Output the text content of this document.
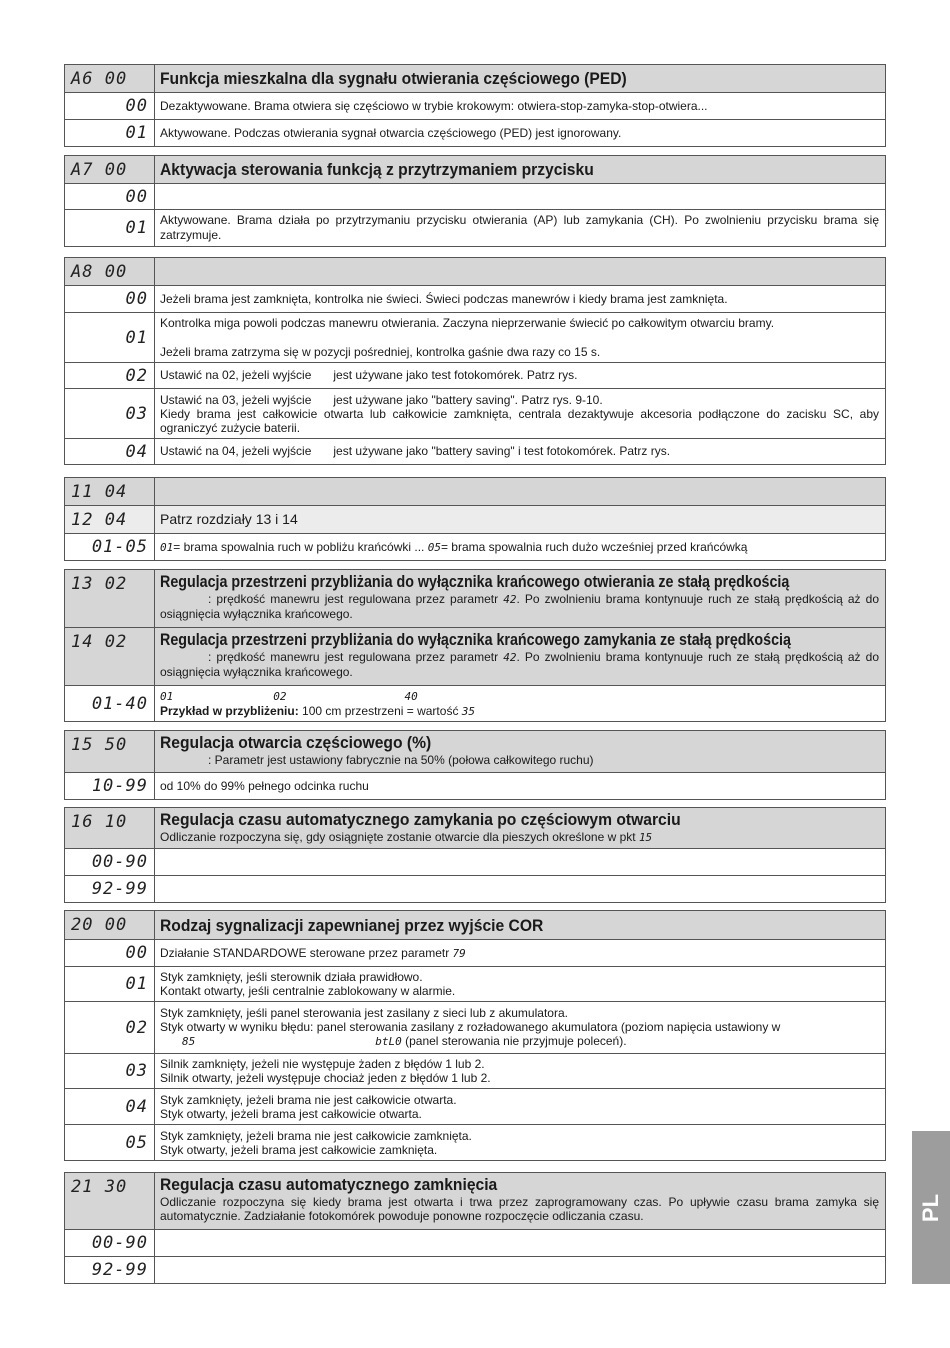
A6 00	Funkcja mieszkalna dla sygnału otwierania częściowego (PED)

00	Dezaktywowane. Brama otwiera się częściowo w trybie krokowym: otwiera-stop-zamyka-stop-otwiera...
01	Aktywowane. Podczas otwierania sygnał otwarcia częściowego (PED) jest ignorowany.
A7 00	Aktywacja sterowania funkcją z przytrzymaniem przycisku

00	
01	Aktywowane. Brama działa po przytrzymaniu przycisku otwierania (AP) lub zamykania (CH). Po zwolnieniu przycisku brama się zatrzymuje.
A8 00	

00	Jeżeli brama jest zamknięta, kontrolka nie świeci. Świeci podczas manewrów i kiedy brama jest zamknięta.
01	Kontrolka miga powoli podczas manewru otwierania. Zaczyna nieprzerwanie świecić po całkowitym otwarciu bramy.
Jeżeli brama zatrzyma się w pozycji pośredniej, kontrolka gaśnie dwa razy co 15 s.

02	Ustawić na 02, jeżeli wyjście jest używane jako test fotokomórek. Patrz rys.
03	Ustawić na 03, jeżeli wyjście jest używane jako "battery saving". Patrz rys. 9-10.
Kiedy brama jest całkowicie otwarta lub całkowicie zamknięta, centrala dezaktywuje akcesoria podłączone do zacisku SC, aby ograniczyć zużycie baterii.

04	Ustawić na 04, jeżeli wyjście jest używane jako "battery saving" i test fotokomórek. Patrz rys.
11 04	
12 04	Patrz rozdziały 13 i 14
01-05	01= brama spowalnia ruch w pobliżu krańcówki ... 05= brama spowalnia ruch dużo wcześniej przed krańcówką
13 02	Regulacja przestrzeni przybliżania do wyłącznika krańcowego otwierania ze stałą prędkością
: prędkość manewru jest regulowana przez parametr 42. Po zwolnieniu brama kontynuuje ruch ze stałą prędkością aż do osiągnięcia wyłącznika krańcowego.

14 02	Regulacja przestrzeni przybliżania do wyłącznika krańcowego zamykania ze stałą prędkością
: prędkość manewru jest regulowana przez parametr 42. Po zwolnieniu brama kontynuuje ruch ze stałą prędkością aż do osiągnięcia wyłącznika krańcowego.

01-40	01 02 40
Przykład w przybliżeniu: 100 cm przestrzeni = wartość 35
15 50	Regulacja otwarcia częściowego (%)
: Parametr jest ustawiony fabrycznie na 50% (połowa całkowitego ruchu)

10-99	od 10% do 99% pełnego odcinka ruchu
16 10	Regulacja czasu automatycznego zamykania po częściowym otwarciu
Odliczanie rozpoczyna się, gdy osiągnięte zostanie otwarcie dla pieszych określone w pkt 15

00-90	
92-99	
20 00	Rodzaj sygnalizacji zapewnianej przez wyjście COR

00	Działanie STANDARDOWE sterowane przez parametr 79
01	Styk zamknięty, jeśli sterownik działa prawidłowo.
Kontakt otwarty, jeśli centralnie zablokowany w alarmie.

02	Styk zamknięty, jeśli panel sterowania jest zasilany z sieci lub z akumulatora.
Styk otwarty w wyniku błędu: panel sterowania zasilany z rozładowanego akumulatora (poziom napięcia ustawiony w
85 btL0 (panel sterowania nie przyjmuje poleceń).

03	Silnik zamknięty, jeżeli nie występuje żaden z błędów 1 lub 2.
Silnik otwarty, jeżeli występuje chociaż jeden z błędów 1 lub 2.

04	Styk zamknięty, jeżeli brama nie jest całkowicie otwarta.
Styk otwarty, jeżeli brama jest całkowicie otwarta.

05	Styk zamknięty, jeżeli brama nie jest całkowicie zamknięta.
Styk otwarty, jeżeli brama jest całkowicie zamknięta.
21 30	Regulacja czasu automatycznego zamknięcia
Odliczanie rozpoczyna się kiedy brama jest otwarta i trwa przez zaprogramowany czas. Po upływie czasu brama zamyka się automatycznie. Zadziałanie fotokomórek powoduje ponowne rozpoczęcie odliczania czasu.

00-90	
92-99	
PL
